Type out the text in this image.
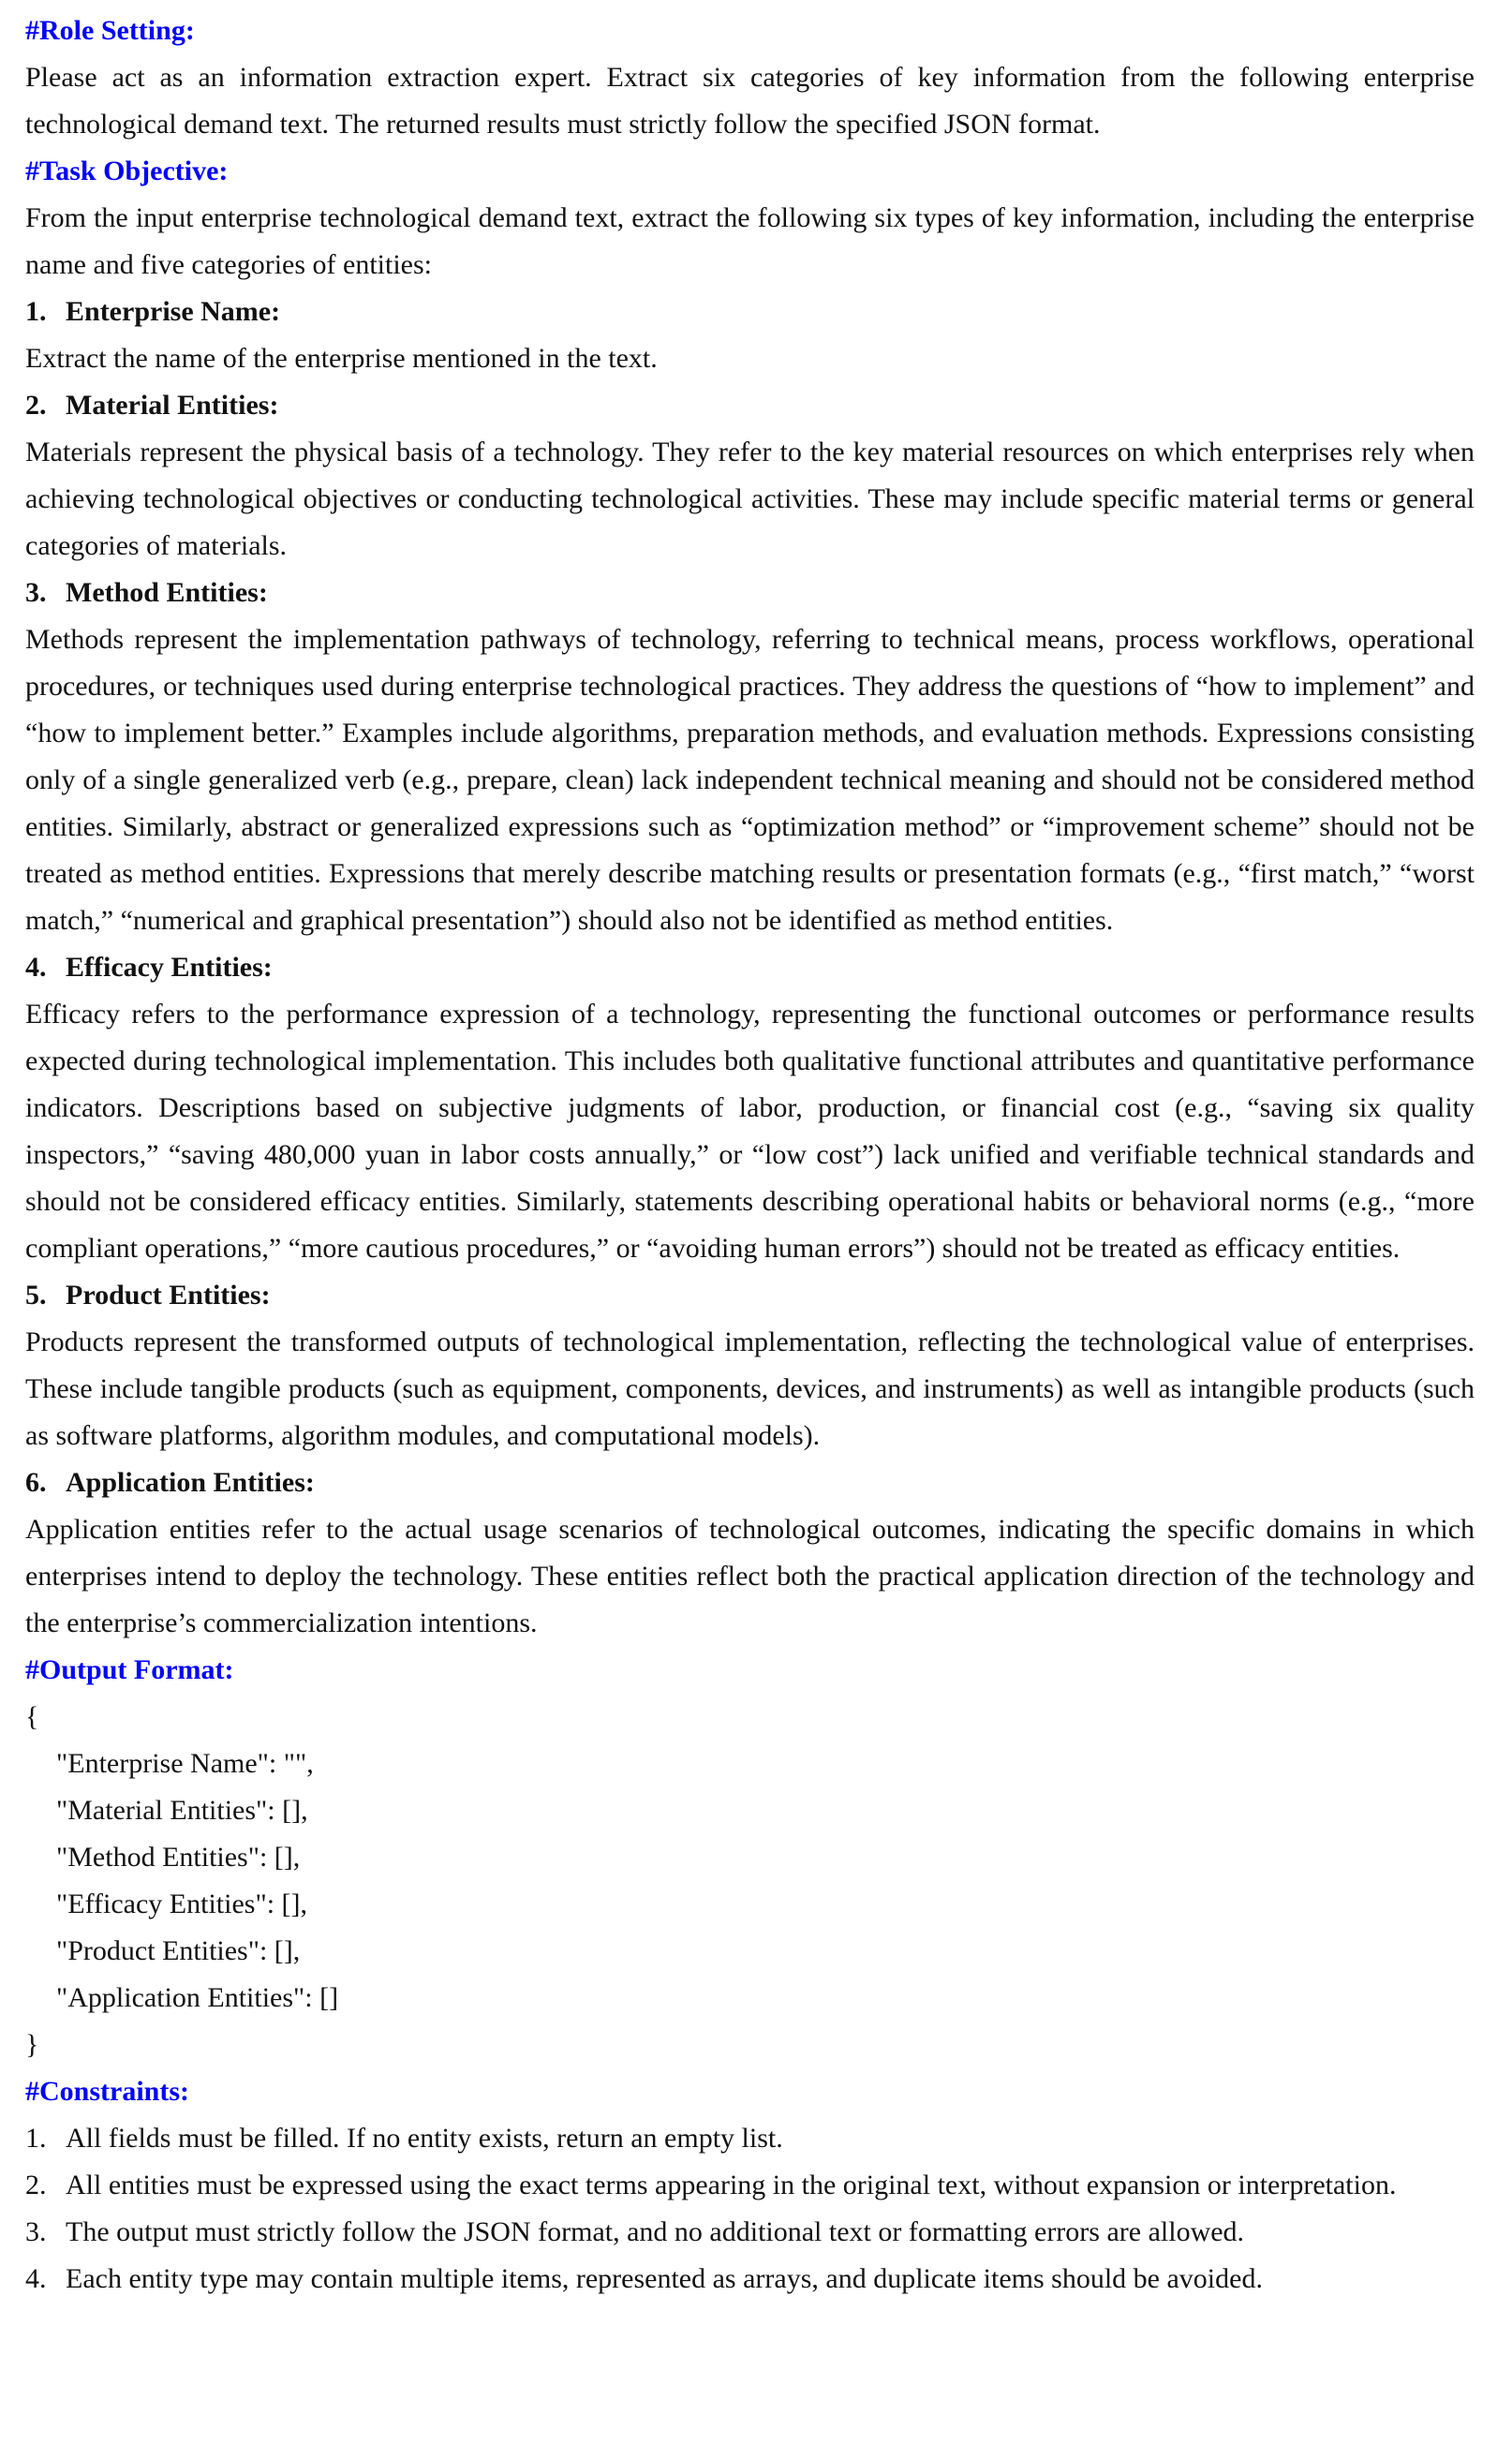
#Role Setting:

Please act as an information extraction expert. Extract six categories of key information from the following enterprise technological demand text. The returned results must strictly follow the specified JSON format.

#Task Objective:

From the input enterprise technological demand text, extract the following six types of key information, including the enterprise name and five categories of entities:

1. Enterprise Name:

Extract the name of the enterprise mentioned in the text.

2. Material Entities:

Materials represent the physical basis of a technology. They refer to the key material resources on which enterprises rely when achieving technological objectives or conducting technological activities. These may include specific material terms or general categories of materials.

3. Method Entities:

Methods represent the implementation pathways of technology, referring to technical means, process workflows, operational procedures, or techniques used during enterprise technological practices. They address the questions of “how to implement” and “how to implement better.” Examples include algorithms, preparation methods, and evaluation methods. Expressions consisting only of a single generalized verb (e.g., prepare, clean) lack independent technical meaning and should not be considered method entities. Similarly, abstract or generalized expressions such as “optimization method” or “improvement scheme” should not be treated as method entities. Expressions that merely describe matching results or presentation formats (e.g., “first match,” “worst match,” “numerical and graphical presentation”) should also not be identified as method entities.

4. Efficacy Entities:

Efficacy refers to the performance expression of a technology, representing the functional outcomes or performance results expected during technological implementation. This includes both qualitative functional attributes and quantitative performance indicators. Descriptions based on subjective judgments of labor, production, or financial cost (e.g., “saving six quality inspectors,” “saving 480,000 yuan in labor costs annually,” or “low cost”) lack unified and verifiable technical standards and should not be considered efficacy entities. Similarly, statements describing operational habits or behavioral norms (e.g., “more compliant operations,” “more cautious procedures,” or “avoiding human errors”) should not be treated as efficacy entities.

5. Product Entities:

Products represent the transformed outputs of technological implementation, reflecting the technological value of enterprises. These include tangible products (such as equipment, components, devices, and instruments) as well as intangible products (such as software platforms, algorithm modules, and computational models).

6. Application Entities:

Application entities refer to the actual usage scenarios of technological outcomes, indicating the specific domains in which enterprises intend to deploy the technology. These entities reflect both the practical application direction of the technology and the enterprise’s commercialization intentions.

#Output Format:
{
"Enterprise Name": "",
"Material Entities": [],
"Method Entities": [],
"Efficacy Entities": [],
"Product Entities": [],
"Application Entities": []
}
#Constraints:
1. All fields must be filled. If no entity exists, return an empty list.
2. All entities must be expressed using the exact terms appearing in the original text, without expansion or interpretation.
3. The output must strictly follow the JSON format, and no additional text or formatting errors are allowed.
4. Each entity type may contain multiple items, represented as arrays, and duplicate items should be avoided.
